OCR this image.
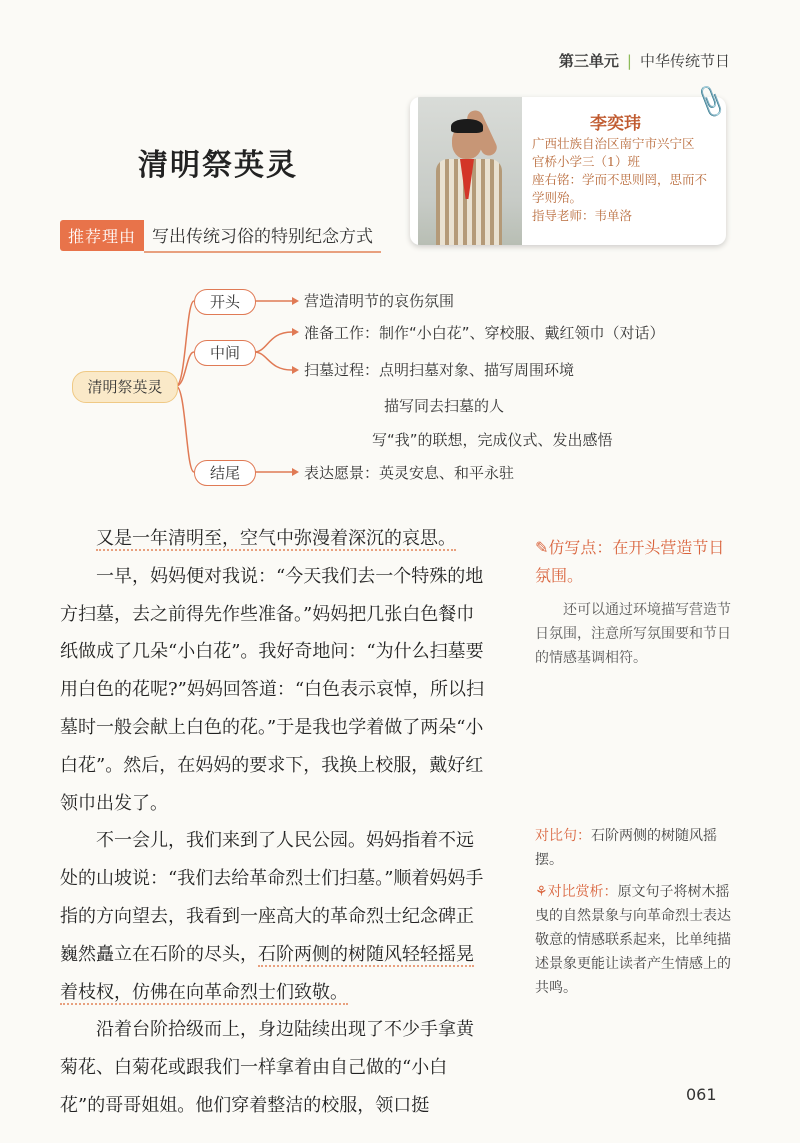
第三单元 | 中华传统节日
清明祭英灵
推荐理由 写出传统习俗的特别纪念方式
李奕玮
广西壮族自治区南宁市兴宁区
官桥小学三（1）班
座右铭：学而不思则罔，思而不学则殆。
指导老师：韦单洛
📎
清明祭英灵
开头
中间
结尾
营造清明节的哀伤氛围
准备工作：制作“小白花”、穿校服、戴红领巾（对话）
扫墓过程：点明扫墓对象、描写周围环境
描写同去扫墓的人
写“我”的联想，完成仪式、发出感悟
表达愿景：英灵安息、和平永驻

又是一年清明至，空气中弥漫着深沉的哀思。

一早，妈妈便对我说：“今天我们去一个特殊的地方扫墓，去之前得先作些准备。”妈妈把几张白色餐巾纸做成了几朵“小白花”。我好奇地问：“为什么扫墓要用白色的花呢?”妈妈回答道：“白色表示哀悼，所以扫墓时一般会献上白色的花。”于是我也学着做了两朵“小白花”。然后，在妈妈的要求下，我换上校服，戴好红领巾出发了。

不一会儿，我们来到了人民公园。妈妈指着不远处的山坡说：“我们去给革命烈士们扫墓。”顺着妈妈手指的方向望去，我看到一座高大的革命烈士纪念碑正巍然矗立在石阶的尽头，石阶两侧的树随风轻轻摇晃着枝杈，仿佛在向革命烈士们致敬。

沿着台阶拾级而上，身边陆续出现了不少手拿黄菊花、白菊花或跟我们一样拿着由自己做的“小白花”的哥哥姐姐。他们穿着整洁的校服，领口挺

✎仿写点：在开头营造节日氛围。
还可以通过环境描写营造节日氛围，注意所写氛围要和节日的情感基调相符。
对比句：石阶两侧的树随风摇摆。
⚘对比赏析：原文句子将树木摇曳的自然景象与向革命烈士表达敬意的情感联系起来，比单纯描述景象更能让读者产生情感上的共鸣。
061
